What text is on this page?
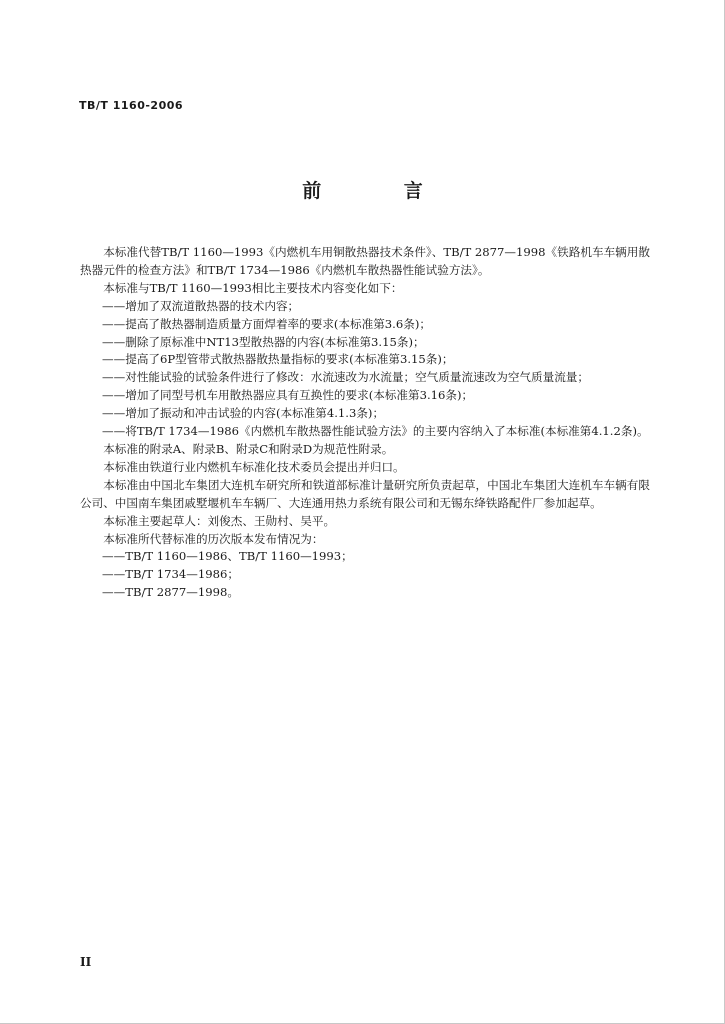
TB/T 1160-2006
前 言

本标准代替TB/T 1160—1993《内燃机车用铜散热器技术条件》、TB/T 2877—1998《铁路机车车辆用散热器元件的检查方法》和TB/T 1734—1986《内燃机车散热器性能试验方法》。

本标准与TB/T 1160—1993相比主要技术内容变化如下：

——增加了双流道散热器的技术内容；

——提高了散热器制造质量方面焊着率的要求(本标准第3.6条)；

——删除了原标准中NT13型散热器的内容(本标准第3.15条)；

——提高了6P型管带式散热器散热量指标的要求(本标准第3.15条)；

——对性能试验的试验条件进行了修改：水流速改为水流量；空气质量流速改为空气质量流量；

——增加了同型号机车用散热器应具有互换性的要求(本标准第3.16条)；

——增加了振动和冲击试验的内容(本标准第4.1.3条)；

——将TB/T 1734—1986《内燃机车散热器性能试验方法》的主要内容纳入了本标准(本标准第4.1.2条)。

本标准的附录A、附录B、附录C和附录D为规范性附录。

本标准由铁道行业内燃机车标准化技术委员会提出并归口。

本标准由中国北车集团大连机车研究所和铁道部标准计量研究所负责起草，中国北车集团大连机车车辆有限公司、中国南车集团戚墅堰机车车辆厂、大连通用热力系统有限公司和无锡东绛铁路配件厂参加起草。

本标准主要起草人：刘俊杰、王勋村、吴平。

本标准所代替标准的历次版本发布情况为：

——TB/T 1160—1986、TB/T 1160—1993；

——TB/T 1734—1986；

——TB/T 2877—1998。

II
